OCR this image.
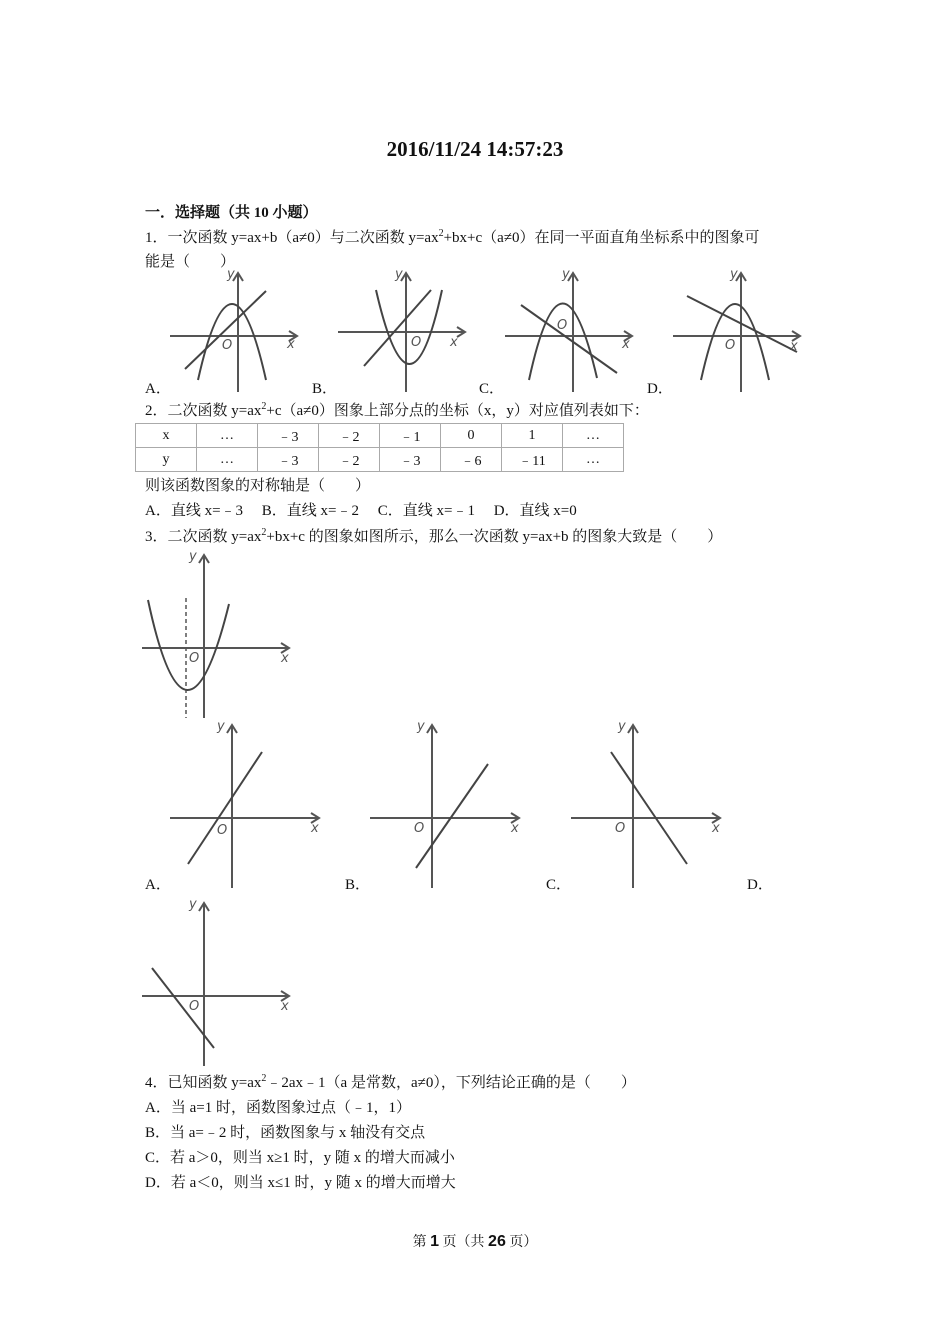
2016/11/24 14:57:23
一．选择题（共 10 小题）
1．一次函数 y=ax+b（a≠0）与二次函数 $y=ax^2+bx+c(a\ne 0)$在同一平面直角坐标系中的图象可
能是（　　）
y
x
O
y
x
O
y
x
O
y
x
O
A．	B．	C．	D．
2．二次函数 $y=ax^2+c(a\ne 0)$图象上部分点的坐标（x，y）对应值列表如下：
x	…	﹣3	﹣2	﹣1	0	1	…
y	…	﹣3	﹣2	﹣3	﹣6	﹣11	…
则该函数图象的对称轴是（　　）
A．直线 x=﹣3　 B．直线 x=﹣2　 C．直线 x=﹣1　 D．直线 x=0
3．二次函数 $y=ax^2+bx+c$ 的图象如图所示，那么一次函数 y=ax+b 的图象大致是（　　）
y
x
O
y
x
O
y
x
O
y
x
O
A．	B．	C．	D．
y
x
O
4．已知函数 $y=ax^2﹣2ax﹣1(a$ 是常数，a≠0），下列结论正确的是（　　）
A．当 a=1 时，函数图象过点（﹣1，1）
B．当 a=﹣2 时，函数图象与 x 轴没有交点
C．若 a＞0，则当 x≥1 时，y 随 x 的增大而减小
D．若 a＜0，则当 x≤1 时，y 随 x 的增大而增大
第 1 页（共 26 页）
